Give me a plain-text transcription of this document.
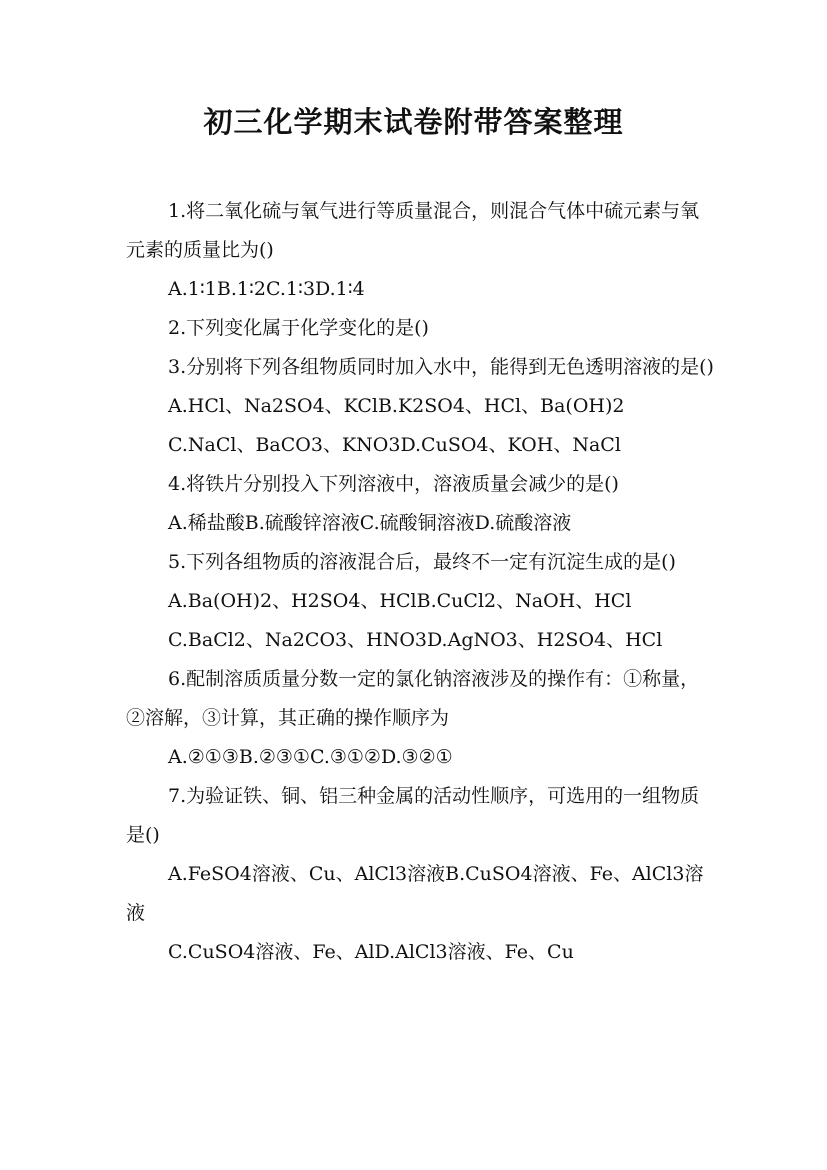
初三化学期末试卷附带答案整理

1.将二氧化硫与氧气进行等质量混合，则混合气体中硫元素与氧元素的质量比为()

A.1∶1B.1∶2C.1∶3D.1∶4

2.下列变化属于化学变化的是()

3.分别将下列各组物质同时加入水中，能得到无色透明溶液的是()

A.HCl、Na2SO4、KClB.K2SO4、HCl、Ba(OH)2

C.NaCl、BaCO3、KNO3D.CuSO4、KOH、NaCl

4.将铁片分别投入下列溶液中，溶液质量会减少的是()

A.稀盐酸B.硫酸锌溶液C.硫酸铜溶液D.硫酸溶液

5.下列各组物质的溶液混合后，最终不一定有沉淀生成的是()

A.Ba(OH)2、H2SO4、HClB.CuCl2、NaOH、HCl

C.BaCl2、Na2CO3、HNO3D.AgNO3、H2SO4、HCl

6.配制溶质质量分数一定的氯化钠溶液涉及的操作有：①称量，②溶解，③计算，其正确的操作顺序为

A.②①③B.②③①C.③①②D.③②①

7.为验证铁、铜、铝三种金属的活动性顺序，可选用的一组物质是()

A.FeSO4溶液、Cu、AlCl3溶液B.CuSO4溶液、Fe、AlCl3溶液

C.CuSO4溶液、Fe、AlD.AlCl3溶液、Fe、Cu
